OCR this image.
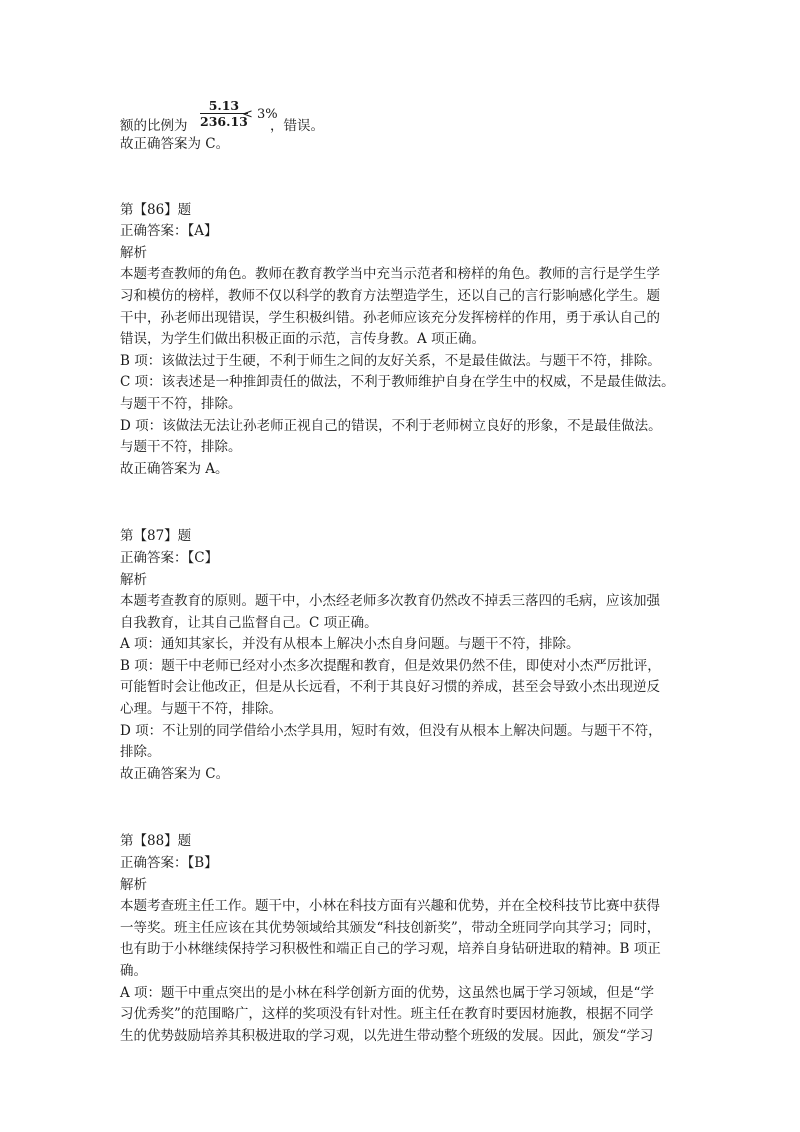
额的比例为 $\frac{5.13}{236.13}$
< 3%
，错误。

故正确答案为 C。

第【86】题

正确答案：【A】

解析

本题考查教师的角色。教师在教育教学当中充当示范者和榜样的角色。教师的言行是学生学

习和模仿的榜样，教师不仅以科学的教育方法塑造学生，还以自己的言行影响感化学生。题

干中，孙老师出现错误，学生积极纠错。孙老师应该充分发挥榜样的作用，勇于承认自己的

错误，为学生们做出积极正面的示范，言传身教。A 项正确。

B 项：该做法过于生硬，不利于师生之间的友好关系，不是最佳做法。与题干不符，排除。

C 项：该表述是一种推卸责任的做法，不利于教师维护自身在学生中的权威，不是最佳做法。

与题干不符，排除。

D 项：该做法无法让孙老师正视自己的错误，不利于老师树立良好的形象，不是最佳做法。

与题干不符，排除。

故正确答案为 A。

第【87】题

正确答案：【C】

解析

本题考查教育的原则。题干中，小杰经老师多次教育仍然改不掉丢三落四的毛病，应该加强

自我教育，让其自己监督自己。C 项正确。

A 项：通知其家长，并没有从根本上解决小杰自身问题。与题干不符，排除。

B 项：题干中老师已经对小杰多次提醒和教育，但是效果仍然不佳，即使对小杰严厉批评，

可能暂时会让他改正，但是从长远看，不利于其良好习惯的养成，甚至会导致小杰出现逆反

心理。与题干不符，排除。

D 项：不让别的同学借给小杰学具用，短时有效，但没有从根本上解决问题。与题干不符，

排除。

故正确答案为 C。

第【88】题

正确答案：【B】

解析

本题考查班主任工作。题干中，小林在科技方面有兴趣和优势，并在全校科技节比赛中获得

一等奖。班主任应该在其优势领域给其颁发“科技创新奖”，带动全班同学向其学习；同时，

也有助于小林继续保持学习积极性和端正自己的学习观，培养自身钻研进取的精神。B 项正

确。

A 项：题干中重点突出的是小林在科学创新方面的优势，这虽然也属于学习领域，但是“学

习优秀奖”的范围略广，这样的奖项没有针对性。班主任在教育时要因材施教，根据不同学

生的优势鼓励培养其积极进取的学习观，以先进生带动整个班级的发展。因此，颁发“学习
